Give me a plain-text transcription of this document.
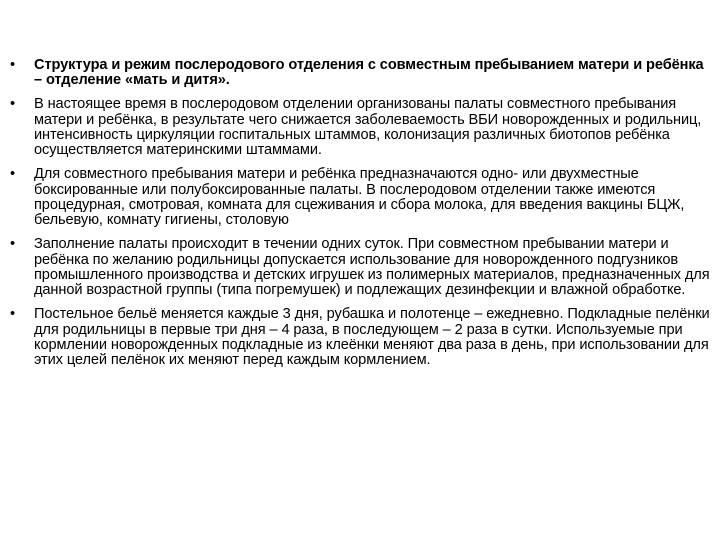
•	Структура и режим послеродового отделения с совместным пребыванием матери и ребёнка – отделение «мать и дитя».
•	В настоящее время в послеродовом отделении организованы палаты совместного пребывания матери и ребёнка, в результате чего снижается заболеваемость ВБИ новорожденных и родильниц, интенсивность циркуляции госпитальных штаммов, колонизация различных биотопов ребёнка осуществляется материнскими штаммами.
•	Для совместного пребывания матери и ребёнка предназначаются одно- или двухместные боксированные или полубоксированные палаты. В послеродовом отделении также имеются процедурная, смотровая, комната для сцеживания и сбора молока, для введения вакцины БЦЖ, бельевую, комнату гигиены, столовую
•	Заполнение палаты происходит в течении одних суток. При совместном пребывании матери и ребёнка по желанию родильницы допускается использование для новорожденного подгузников промышленного производства и детских игрушек из полимерных материалов, предназначенных для данной возрастной группы (типа погремушек) и подлежащих дезинфекции и влажной обработке.
•	Постельное бельё меняется каждые 3 дня, рубашка и полотенце – ежедневно. Подкладные пелёнки для родильницы в первые три дня – 4 раза, в последующем – 2 раза в сутки. Используемые при кормлении новорожденных подкладные из клеёнки меняют два раза в день, при использовании для этих целей пелёнок их меняют перед каждым кормлением.
